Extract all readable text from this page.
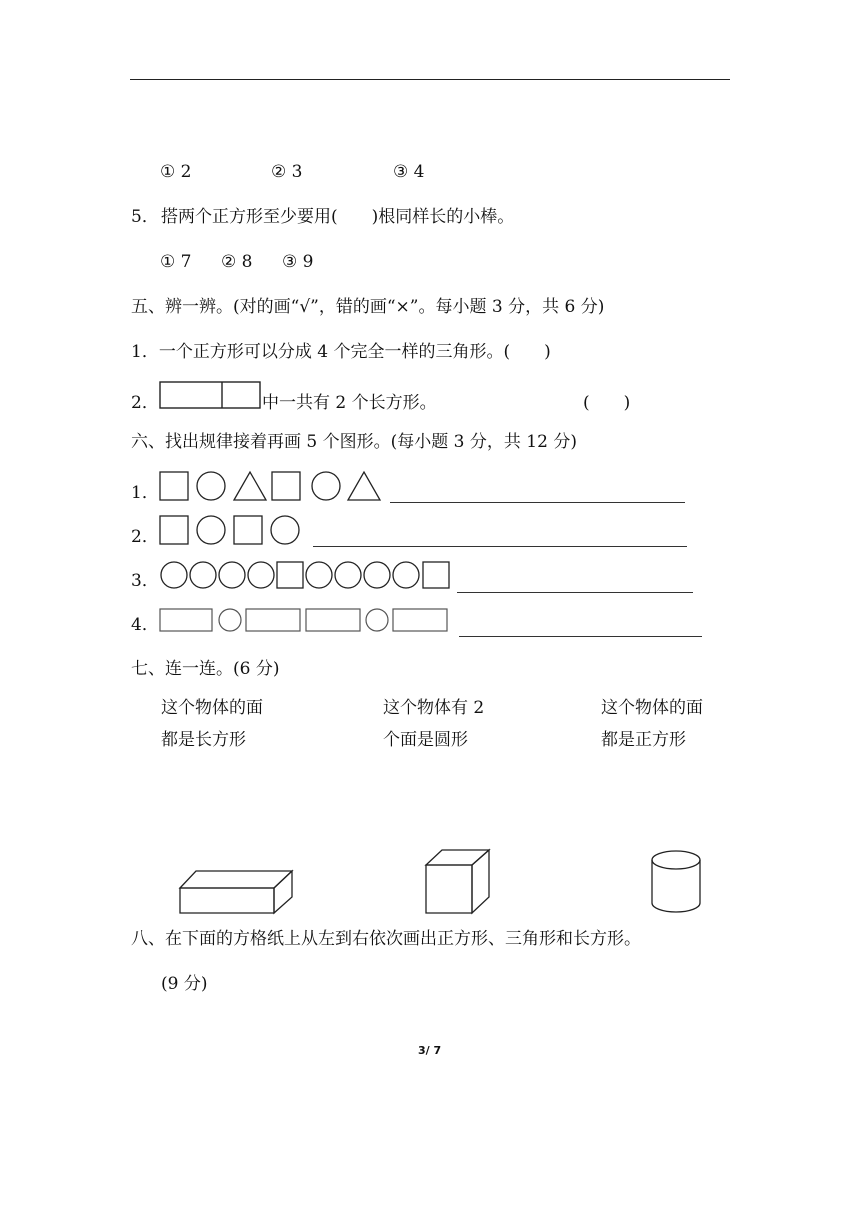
① 2	② 3	③ 4
5． 搭两个正方形至少要用(　　)根同样长的小棒。
① 7 ② 8 ③ 9
五、辨一辨。(对的画“√”，错的画“×”。每小题 3 分，共 6 分)
1．一个正方形可以分成 4 个完全一样的三角形。(　　)
2．	中一共有 2 个长方形。	(　　)
六、找出规律接着再画 5 个图形。(每小题 3 分，共 12 分)
1．
2．
3．
4．
七、连一连。(6 分)
这个物体的面
都是长方形
这个物体有 2
个面是圆形
这个物体的面
都是正方形
八、在下面的方格纸上从左到右依次画出正方形、三角形和长方形。
(9 分)
3/ 7
